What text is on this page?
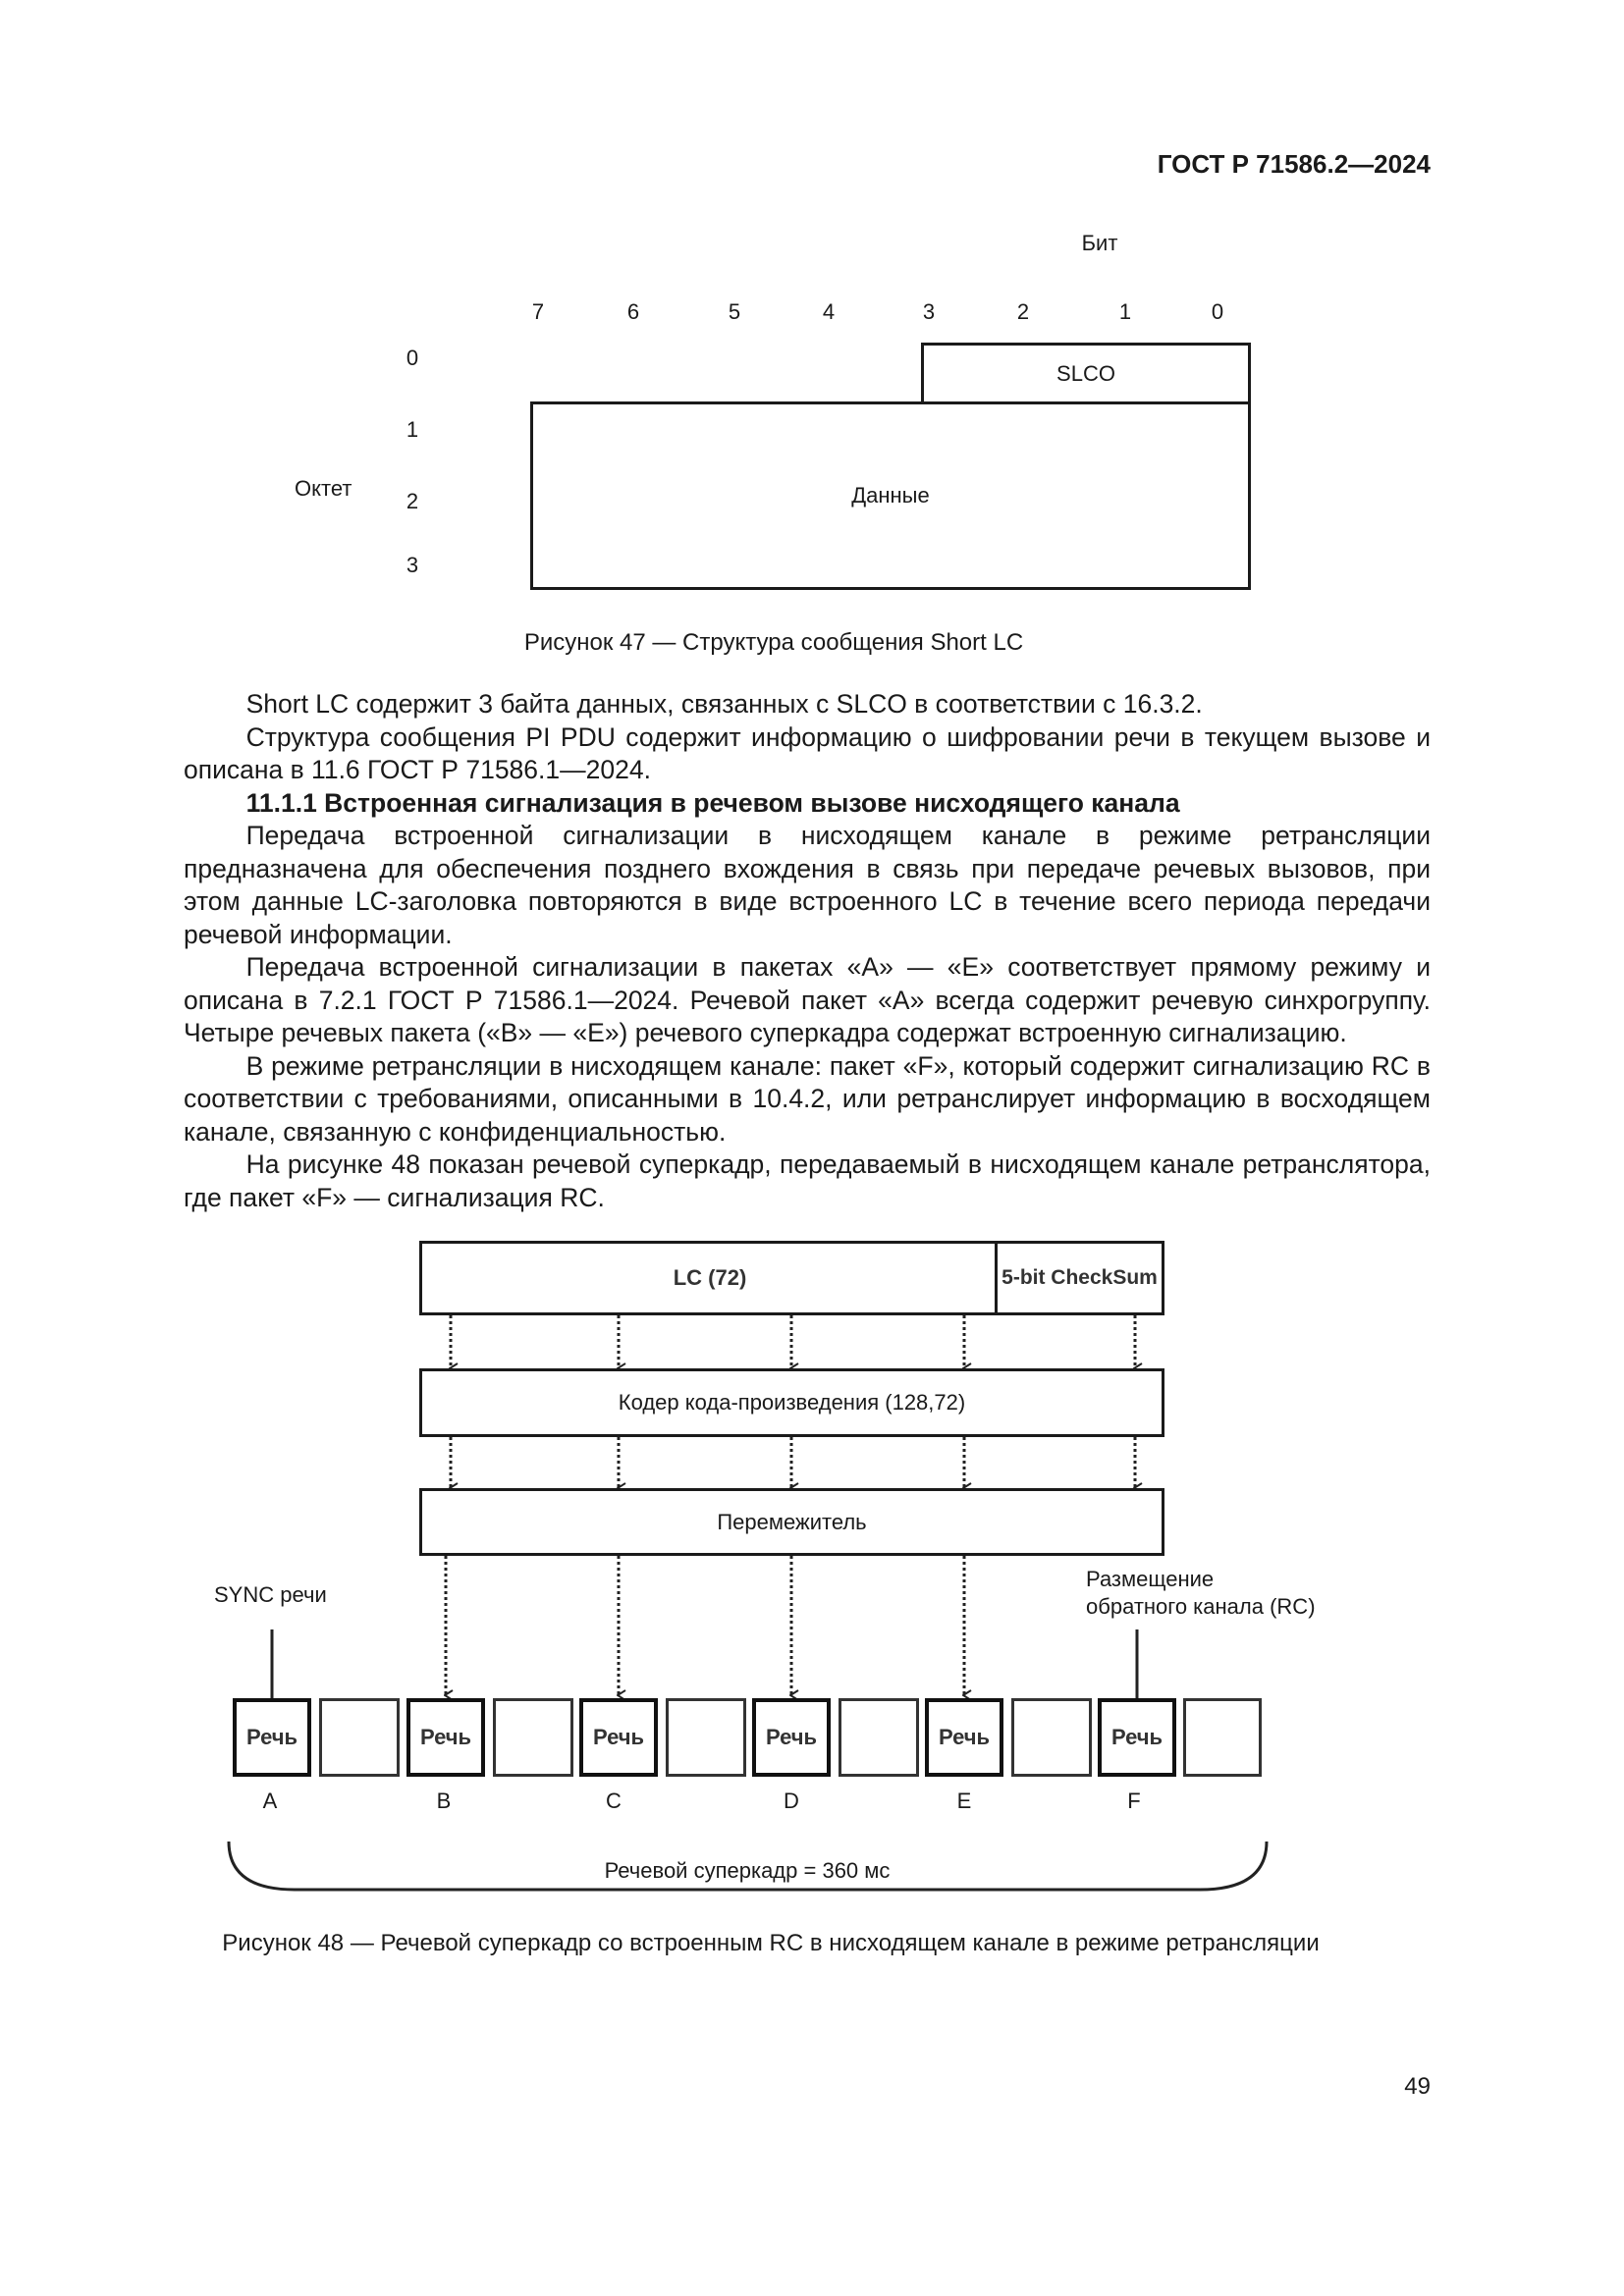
ГОСТ Р 71586.2—2024
Бит
7	6	5	4	3	2	1	0
Октет
0
1
2
3
SLCO
Данные
Рисунок 47 — Структура сообщения Short LC

Short LC содержит 3 байта данных, связанных с SLCO в соответствии с 16.3.2.

Структура сообщения PI PDU содержит информацию о шифровании речи в текущем вызове и описана в 11.6 ГОСТ Р 71586.1—2024.

11.1.1 Встроенная сигнализация в речевом вызове нисходящего канала

Передача встроенной сигнализации в нисходящем канале в режиме ретрансляции предназначена для обеспечения позднего вхождения в связь при передаче речевых вызовов, при этом данные LC-заголовка повторяются в виде встроенного LC в течение всего периода передачи речевой информации.

Передача встроенной сигнализации в пакетах «A» — «E» соответствует прямому режиму и описана в 7.2.1 ГОСТ Р 71586.1—2024. Речевой пакет «A» всегда содержит речевую синхрогруппу. Четыре речевых пакета («B» — «E») речевого суперкадра содержат встроенную сигнализацию.

В режиме ретрансляции в нисходящем канале: пакет «F», который содержит сигнализацию RC в соответствии с требованиями, описанными в 10.4.2, или ретранслирует информацию в восходящем канале, связанную с конфиденциальностью.

На рисунке 48 показан речевой суперкадр, передаваемый в нисходящем канале ретранслятора, где пакет «F» — сигнализация RC.

LC (72)	5-bit CheckSum
Кодер кода-произведения (128,72)
Перемежитель
SYNC речи
Размещение
обратного канала (RC)
Речь	Речь	Речь	Речь	Речь	Речь
A	B	C	D	E	F
Речевой суперкадр = 360 мс
Рисунок 48 — Речевой суперкадр со встроенным RC в нисходящем канале в режиме ретрансляции
49
